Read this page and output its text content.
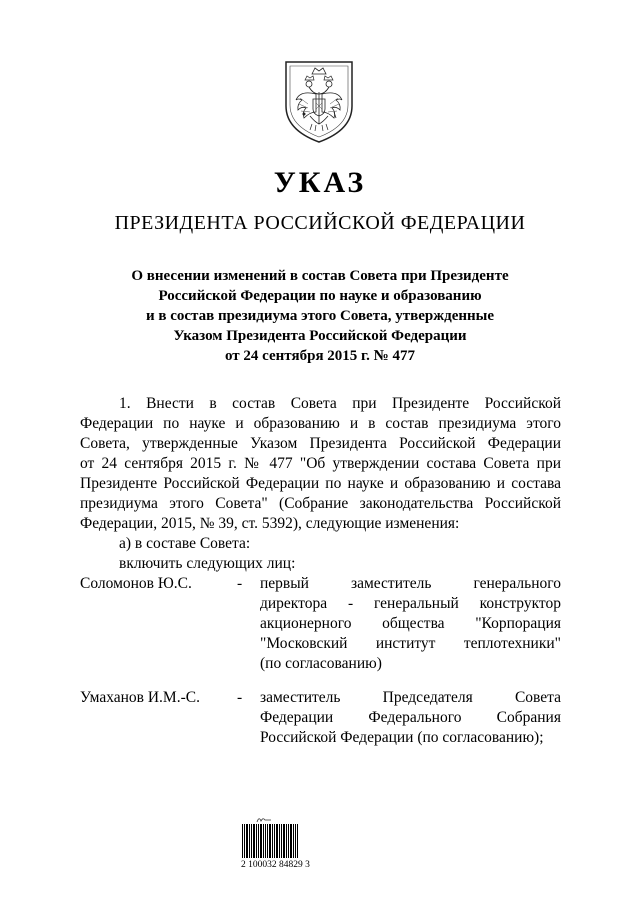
УКАЗ
ПРЕЗИДЕНТА РОССИЙСКОЙ ФЕДЕРАЦИИ
О внесении изменений в состав Совета при Президенте
Российской Федерации по науке и образованию
и в состав президиума этого Совета, утвержденные
Указом Президента Российской Федерации
от 24 сентября 2015 г. № 477
1. Внести в состав Совета при Президенте Российской
Федерации по науке и образованию и в состав президиума этого
Совета, утвержденные Указом Президента Российской Федерации
от 24 сентября 2015 г. № 477 "Об утверждении состава Совета при
Президенте Российской Федерации по науке и образованию и состава
президиума этого Совета" (Собрание законодательства Российской
Федерации, 2015, № 39, ст. 5392), следующие изменения:
а) в составе Совета:
включить следующих лиц:
Соломонов Ю.С.	- первый заместитель генерального
директора - генеральный конструктор
акционерного общества "Корпорация
"Московский институт теплотехники"
(по согласованию)
Умаханов И.М.-С. - заместитель Председателя Совета
Федерации Федерального Собрания
Российской Федерации (по согласованию);
2 100032 84829 3
